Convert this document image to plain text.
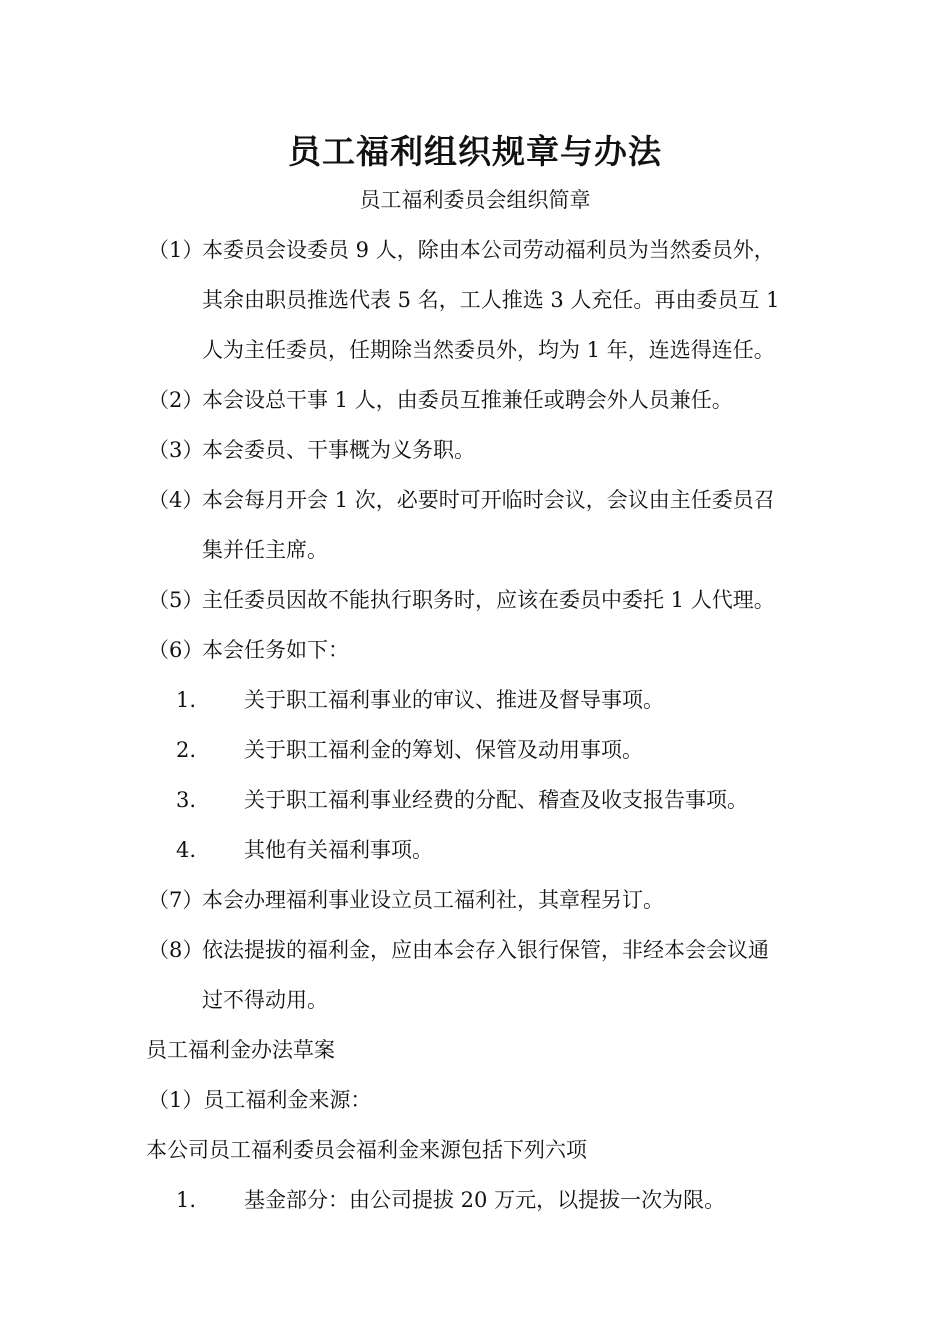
员工福利组织规章与办法
员工福利委员会组织简章
（1）
本委员会设委员 9 人，除由本公司劳动福利员为当然委员外，
其余由职员推选代表 5 名，工人推选 3 人充任。再由委员互 1
人为主任委员，任期除当然委员外，均为 1 年，连选得连任。
（2）
本会设总干事 1 人，由委员互推兼任或聘会外人员兼任。
（3）
本会委员、干事概为义务职。
（4）
本会每月开会 1 次，必要时可开临时会议，会议由主任委员召
集并任主席。
（5）
主任委员因故不能执行职务时，应该在委员中委托 1 人代理。
（6）
本会任务如下：
1. 关于职工福利事业的审议、推进及督导事项。
2. 关于职工福利金的筹划、保管及动用事项。
3. 关于职工福利事业经费的分配、稽查及收支报告事项。
4. 其他有关福利事项。
（7）
本会办理福利事业设立员工福利社，其章程另订。
（8）
依法提拔的福利金，应由本会存入银行保管，非经本会会议通
过不得动用。
员工福利金办法草案
（1）员工福利金来源：
本公司员工福利委员会福利金来源包括下列六项
1. 基金部分：由公司提拔 20 万元，以提拔一次为限。
